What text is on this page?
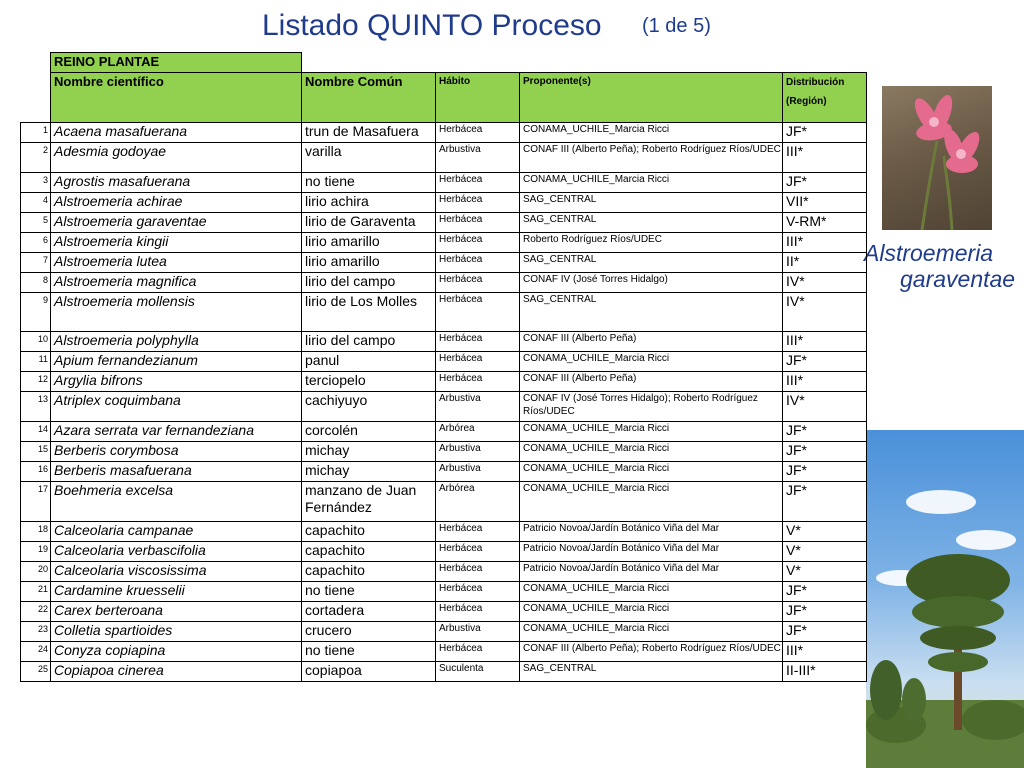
Listado QUINTO Proceso (1 de 5)

Alstroemeria
garaventae

	REINO PLANTAE				
	Nombre científico	Nombre Común	Hábito	Proponente(s)	Distribución (Región)
1	Acaena masafuerana	trun de Masafuera	Herbácea	CONAMA_UCHILE_Marcia Ricci	JF*
2	Adesmia godoyae	varilla	Arbustiva	CONAF III (Alberto Peña); Roberto Rodríguez Ríos/UDEC	III*
3	Agrostis masafuerana	no tiene	Herbácea	CONAMA_UCHILE_Marcia Ricci	JF*
4	Alstroemeria achirae	lirio achira	Herbácea	SAG_CENTRAL	VII*
5	Alstroemeria garaventae	lirio de Garaventa	Herbácea	SAG_CENTRAL	V-RM*
6	Alstroemeria kingii	lirio amarillo	Herbácea	Roberto Rodríguez Ríos/UDEC	III*
7	Alstroemeria lutea	lirio amarillo	Herbácea	SAG_CENTRAL	II*
8	Alstroemeria magnifica	lirio del campo	Herbácea	CONAF IV (José Torres Hidalgo)	IV*
9	Alstroemeria mollensis	lirio de Los Molles	Herbácea	SAG_CENTRAL	IV*
10	Alstroemeria polyphylla	lirio del campo	Herbácea	CONAF III (Alberto Peña)	III*
11	Apium fernandezianum	panul	Herbácea	CONAMA_UCHILE_Marcia Ricci	JF*
12	Argylia bifrons	terciopelo	Herbácea	CONAF III (Alberto Peña)	III*
13	Atriplex coquimbana	cachiyuyo	Arbustiva	CONAF IV (José Torres Hidalgo); Roberto Rodríguez Ríos/UDEC	IV*
14	Azara serrata var fernandeziana	corcolén	Arbórea	CONAMA_UCHILE_Marcia Ricci	JF*
15	Berberis corymbosa	michay	Arbustiva	CONAMA_UCHILE_Marcia Ricci	JF*
16	Berberis masafuerana	michay	Arbustiva	CONAMA_UCHILE_Marcia Ricci	JF*
17	Boehmeria excelsa	manzano de Juan Fernández	Arbórea	CONAMA_UCHILE_Marcia Ricci	JF*
18	Calceolaria campanae	capachito	Herbácea	Patricio Novoa/Jardín Botánico Viña del Mar	V*
19	Calceolaria verbascifolia	capachito	Herbácea	Patricio Novoa/Jardín Botánico Viña del Mar	V*
20	Calceolaria viscosissima	capachito	Herbácea	Patricio Novoa/Jardín Botánico Viña del Mar	V*
21	Cardamine kruesselii	no tiene	Herbácea	CONAMA_UCHILE_Marcia Ricci	JF*
22	Carex berteroana	cortadera	Herbácea	CONAMA_UCHILE_Marcia Ricci	JF*
23	Colletia spartioides	crucero	Arbustiva	CONAMA_UCHILE_Marcia Ricci	JF*
24	Conyza copiapina	no tiene	Herbácea	CONAF III (Alberto Peña); Roberto Rodríguez Ríos/UDEC	III*
25	Copiapoa cinerea	copiapoa	Suculenta	SAG_CENTRAL	II-III*
